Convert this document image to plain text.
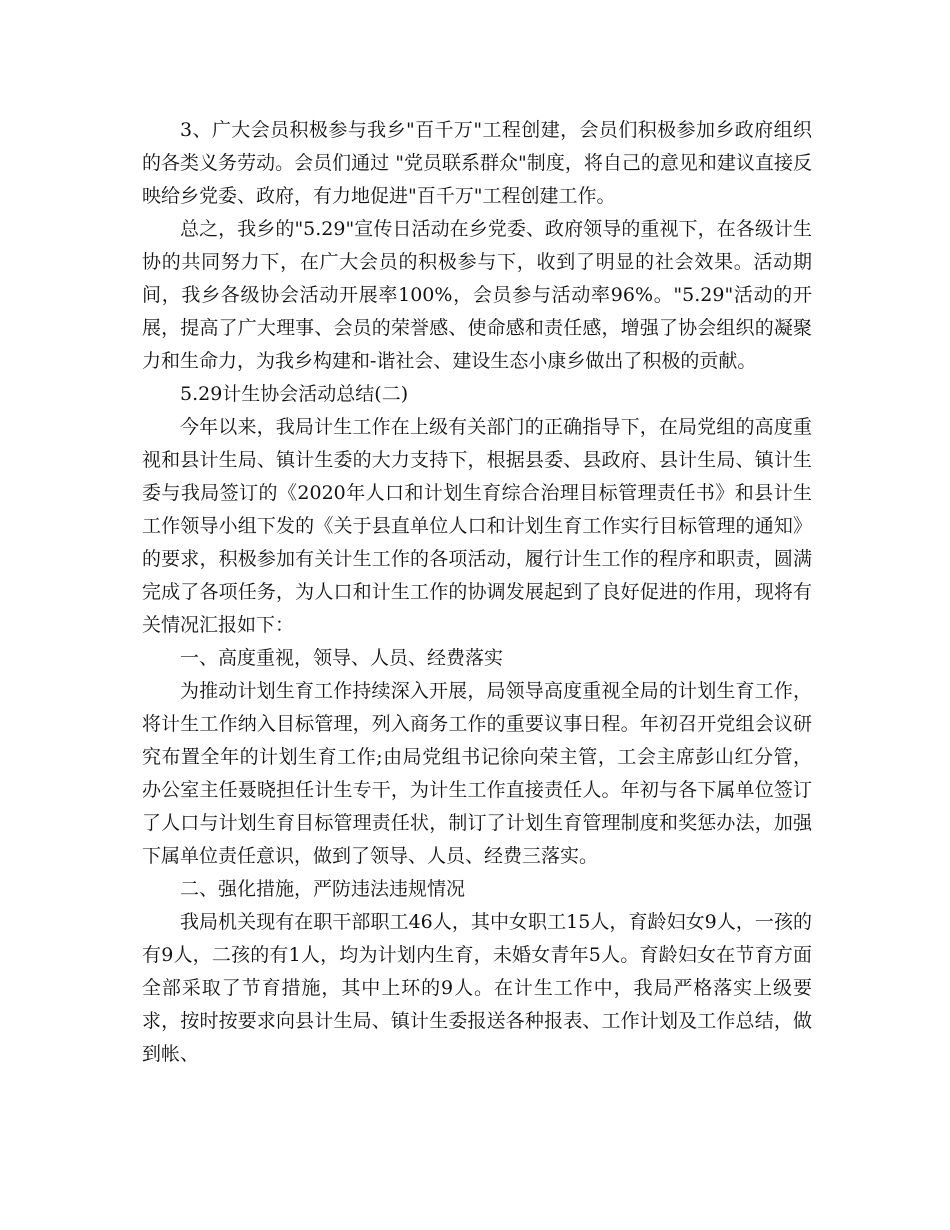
3、广大会员积极参与我乡"百千万"工程创建，会员们积极参加乡政府组织的各类义务劳动。会员们通过 "党员联系群众"制度，将自己的意见和建议直接反映给乡党委、政府，有力地促进"百千万"工程创建工作。

总之，我乡的"5.29"宣传日活动在乡党委、政府领导的重视下，在各级计生协的共同努力下，在广大会员的积极参与下，收到了明显的社会效果。活动期间，我乡各级协会活动开展率100%，会员参与活动率96%。"5.29"活动的开展，提高了广大理事、会员的荣誉感、使命感和责任感，增强了协会组织的凝聚力和生命力，为我乡构建和-谐社会、建设生态小康乡做出了积极的贡献。

5.29计生协会活动总结(二)

今年以来，我局计生工作在上级有关部门的正确指导下，在局党组的高度重视和县计生局、镇计生委的大力支持下，根据县委、县政府、县计生局、镇计生委与我局签订的《2020年人口和计划生育综合治理目标管理责任书》和县计生工作领导小组下发的《关于县直单位人口和计划生育工作实行目标管理的通知》的要求，积极参加有关计生工作的各项活动，履行计生工作的程序和职责，圆满完成了各项任务，为人口和计生工作的协调发展起到了良好促进的作用，现将有关情况汇报如下：

一、高度重视，领导、人员、经费落实

为推动计划生育工作持续深入开展，局领导高度重视全局的计划生育工作，将计生工作纳入目标管理，列入商务工作的重要议事日程。年初召开党组会议研究布置全年的计划生育工作;由局党组书记徐向荣主管，工会主席彭山红分管，办公室主任聂晓担任计生专干，为计生工作直接责任人。年初与各下属单位签订了人口与计划生育目标管理责任状，制订了计划生育管理制度和奖惩办法，加强下属单位责任意识，做到了领导、人员、经费三落实。

二、强化措施，严防违法违规情况

我局机关现有在职干部职工46人，其中女职工15人，育龄妇女9人，一孩的有9人，二孩的有1人，均为计划内生育，未婚女青年5人。育龄妇女在节育方面全部采取了节育措施，其中上环的9人。在计生工作中，我局严格落实上级要求，按时按要求向县计生局、镇计生委报送各种报表、工作计划及工作总结，做到帐、
